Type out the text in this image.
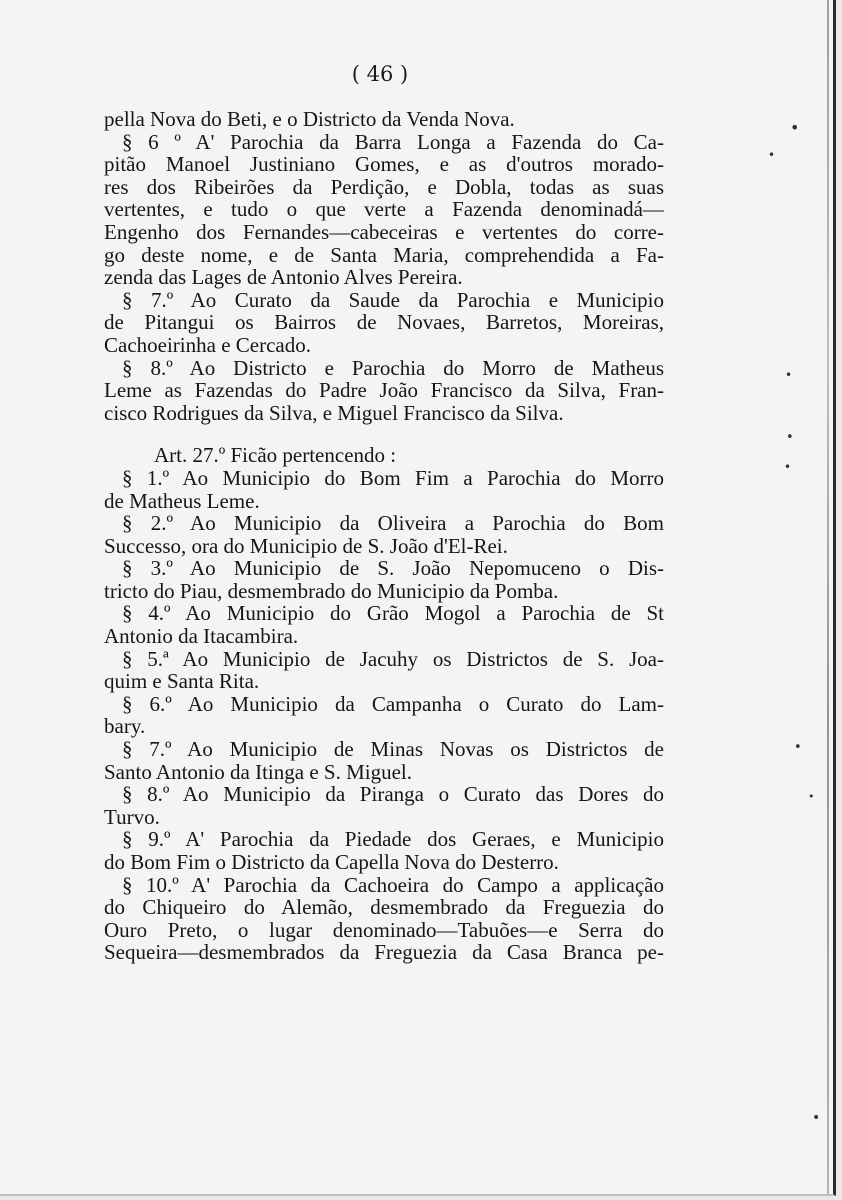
( 46 )
pella Nova do Beti, e o Districto da Venda Nova.
§ 6 º A' Parochia da Barra Longa a Fazenda do Ca-
pitão Manoel Justiniano Gomes, e as d'outros morado-
res dos Ribeirões da Perdição, e Dobla, todas as suas
vertentes, e tudo o que verte a Fazenda denominadá—
Engenho dos Fernandes—cabeceiras e vertentes do corre-
go deste nome, e de Santa Maria, comprehendida a Fa-
zenda das Lages de Antonio Alves Pereira.
§ 7.º Ao Curato da Saude da Parochia e Municipio
de Pitangui os Bairros de Novaes, Barretos, Moreiras,
Cachoeirinha e Cercado.
§ 8.º Ao Districto e Parochia do Morro de Matheus
Leme as Fazendas do Padre João Francisco da Silva, Fran-
cisco Rodrigues da Silva, e Miguel Francisco da Silva.
Art. 27.º Ficão pertencendo :
§ 1.º Ao Municipio do Bom Fim a Parochia do Morro
de Matheus Leme.
§ 2.º Ao Municipio da Oliveira a Parochia do Bom
Successo, ora do Municipio de S. João d'El-Rei.
§ 3.º Ao Municipio de S. João Nepomuceno o Dis-
tricto do Piau, desmembrado do Municipio da Pomba.
§ 4.º Ao Municipio do Grão Mogol a Parochia de St
Antonio da Itacambira.
§ 5.ª Ao Municipio de Jacuhy os Districtos de S. Joa-
quim e Santa Rita.
§ 6.º Ao Municipio da Campanha o Curato do Lam-
bary.
§ 7.º Ao Municipio de Minas Novas os Districtos de
Santo Antonio da Itinga e S. Miguel.
§ 8.º Ao Municipio da Piranga o Curato das Dores do
Turvo.
§ 9.º A' Parochia da Piedade dos Geraes, e Municipio
do Bom Fim o Districto da Capella Nova do Desterro.
§ 10.º A' Parochia da Cachoeira do Campo a applicação
do Chiqueiro do Alemão, desmembrado da Freguezia do
Ouro Preto, o lugar denominado—Tabuões—e Serra do
Sequeira—desmembrados da Freguezia da Casa Branca pe-
•
•
•
•
•
•
•
•
